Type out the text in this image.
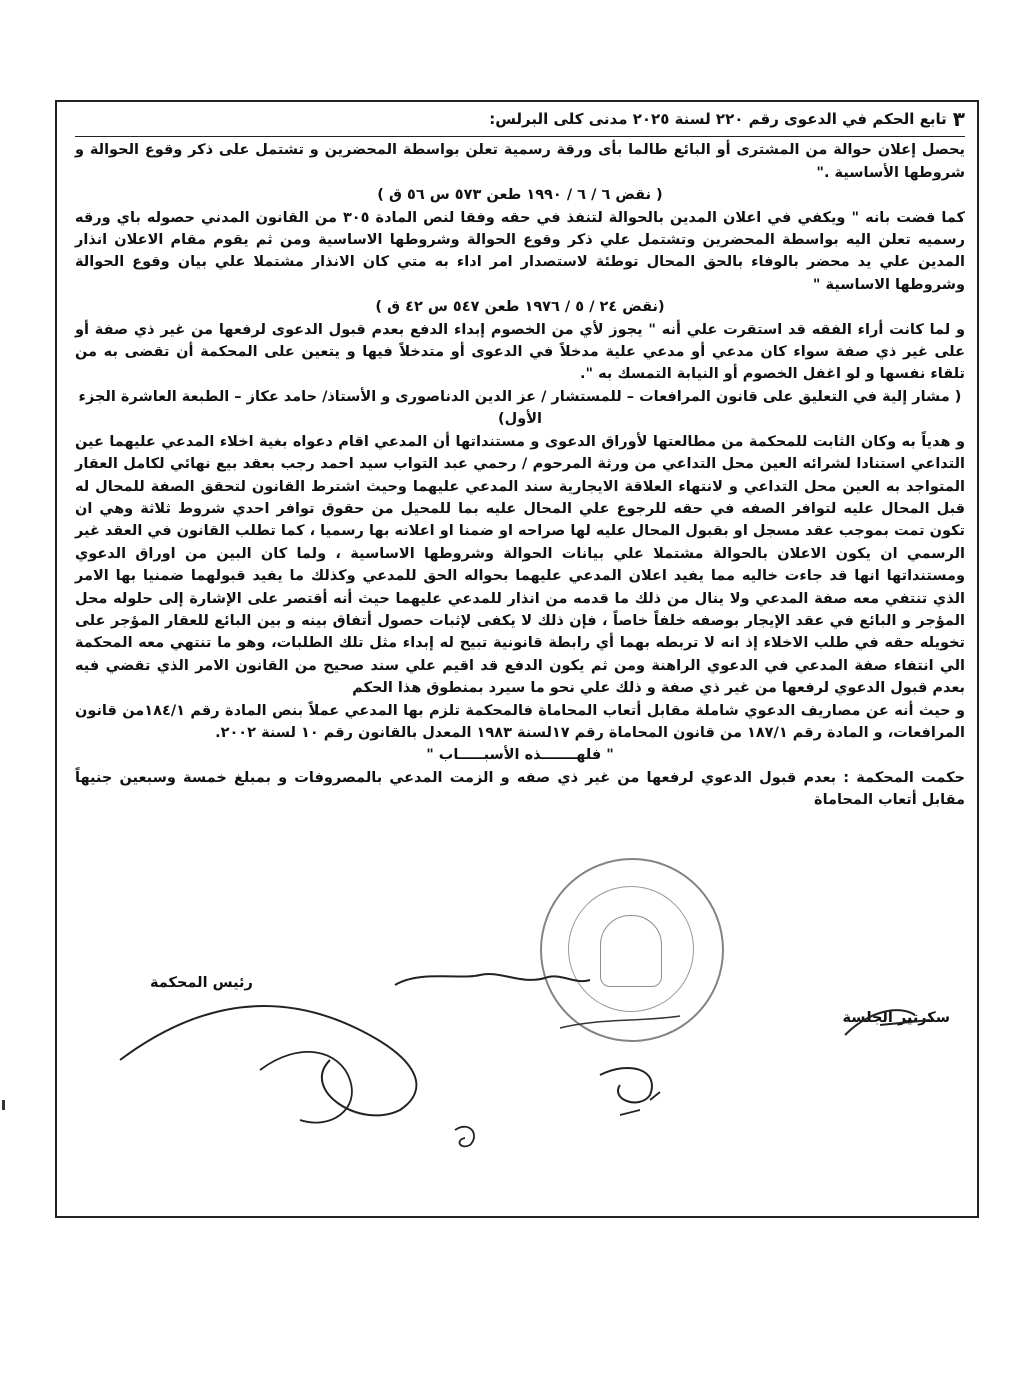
٣
تابع الحكم في الدعوى رقم ٢٢٠ لسنة ٢٠٢٥ مدنى كلى البرلس:

يحصل إعلان حوالة من المشترى أو البائع طالما بأى ورقة رسمية تعلن بواسطة المحضرين و تشتمل على ذكر وقوع الحوالة و شروطها الأساسية ."

( نقض ٦ / ٦ / ١٩٩٠ طعن ٥٧٣ س ٥٦ ق )

كما قضت بانه " ويكفي في اعلان المدين بالحوالة لتنفذ في حقه وفقا لنص المادة ٣٠٥ من القانون المدني حصوله باي ورقه رسميه تعلن اليه بواسطة المحضرين وتشتمل علي ذكر وقوع الحوالة وشروطها الاساسية ومن ثم يقوم مقام الاعلان انذار المدين علي يد محضر بالوفاء بالحق المحال توطئة لاستصدار امر اداء به متي كان الانذار مشتملا علي بيان وقوع الحوالة وشروطها الاساسية "

(نقض ٢٤ / ٥ / ١٩٧٦ طعن ٥٤٧ س ٤٢ ق )

و لما كانت أراء الفقه قد استقرت علي أنه " يجوز لأي من الخصوم إبداء الدفع بعدم قبول الدعوى لرفعها من غير ذي صفة أو على غير ذي صفة سواء كان مدعي أو مدعي علية مدخلاً في الدعوى أو متدخلاً فيها و يتعين على المحكمة أن تقضى به من تلقاء نفسها و لو اغفل الخصوم أو النيابة التمسك به ".

( مشار إلية في التعليق على قانون المرافعات – للمستشار / عز الدين الدناصورى و الأستاذ/ حامد عكاز – الطبعة العاشرة الجزء الأول)

و هدياً به وكان الثابت للمحكمة من مطالعتها لأوراق الدعوى و مستنداتها أن المدعي اقام دعواه بغية اخلاء المدعي عليهما عين التداعي استنادا لشرائه العين محل التداعي من ورثة المرحوم / رحمي عبد التواب سيد احمد رجب بعقد بيع نهائي لكامل العقار المتواجد به العين محل التداعي و لانتهاء العلاقة الايجارية سند المدعي عليهما وحيث اشترط القانون لتحقق الصفة للمحال له قبل المحال عليه لتوافر الصفه في حقه للرجوع علي المحال عليه بما للمحيل من حقوق توافر احدي شروط ثلاثة وهي ان تكون تمت بموجب عقد مسجل او بقبول المحال عليه لها صراحه او ضمنا او اعلانه بها رسميا ، كما تطلب القانون في العقد غير الرسمي ان يكون الاعلان بالحوالة مشتملا علي بيانات الحوالة وشروطها الاساسية ، ولما كان البين من اوراق الدعوي ومستنداتها انها قد جاءت خاليه مما يفيد اعلان المدعي عليهما بحواله الحق للمدعي وكذلك ما يفيد قبولهما ضمنيا بها الامر الذي تنتفي معه صفة المدعي ولا ينال من ذلك ما قدمه من انذار للمدعي عليهما حيث أنه أقتصر على الإشارة إلى حلوله محل المؤجر و البائع في عقد الإيجار بوصفه خلفاً خاصاً ، فإن ذلك لا يكفى لإثبات حصول أتفاق بينه و بين البائع للعقار المؤجر على تخويله حقه في طلب الاخلاء إذ انه لا تربطه بهما أي رابطة قانونية تبيح له إبداء مثل تلك الطلبات، وهو ما تنتهي معه المحكمة الي انتفاء صفة المدعي في الدعوي الراهنة ومن ثم يكون الدفع قد اقيم علي سند صحيح من القانون الامر الذي تقضي فيه بعدم قبول الدعوي لرفعها من غير ذي صفة و ذلك علي نحو ما سيرد بمنطوق هذا الحكم

و حيث أنه عن مصاريف الدعوي شاملة مقابل أتعاب المحاماة فالمحكمة تلزم بها المدعي عملاً بنص المادة رقم ١٨٤/١من قانون المرافعات، و المادة رقم ١٨٧/١ من قانون المحاماة رقم ١٧لسنة ١٩٨٣ المعدل بالقانون رقم ١٠ لسنة ٢٠٠٢.

" فلهـــــــذه الأسبـــــاب "

حكمت المحكمة : بعدم قبول الدعوي لرفعها من غير ذي صفه و الزمت المدعي بالمصروفات و بمبلغ خمسة وسبعين جنيهاً مقابل أتعاب المحاماة

سكرتير الجلسة
رئيس المحكمة
